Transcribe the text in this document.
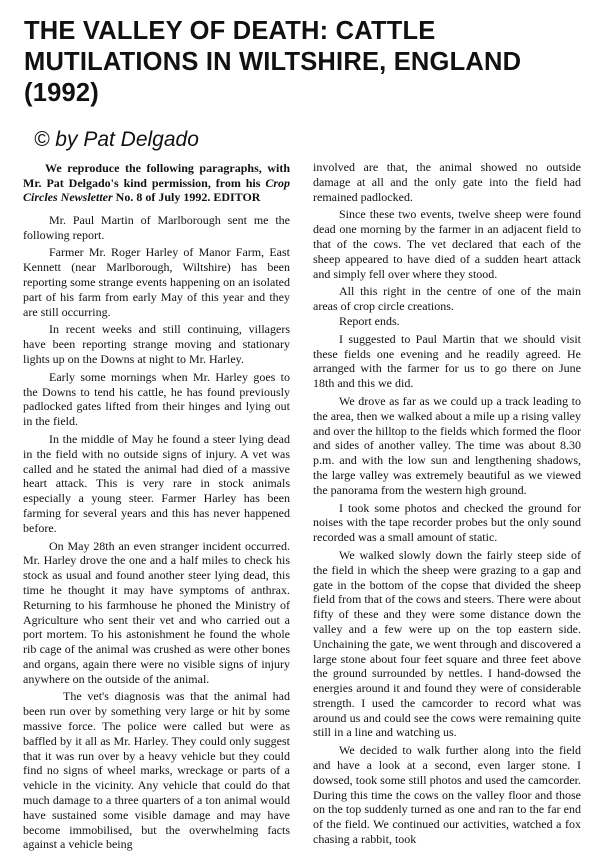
THE VALLEY OF DEATH: CATTLE
MUTILATIONS IN WILTSHIRE, ENGLAND
(1992)
© by Pat Delgado

We reproduce the following paragraphs, with Mr. Pat Delgado's kind permission, from his Crop Circles Newsletter No. 8 of July 1992. EDITOR

Mr. Paul Martin of Marlborough sent me the following report.

Farmer Mr. Roger Harley of Manor Farm, East Kennett (near Marlborough, Wiltshire) has been reporting some strange events happening on an isolated part of his farm from early May of this year and they are still occurring.

In recent weeks and still continuing, villagers have been reporting strange moving and stationary lights up on the Downs at night to Mr. Harley.

Early some mornings when Mr. Harley goes to the Downs to tend his cattle, he has found previously padlocked gates lifted from their hinges and lying out in the field.

In the middle of May he found a steer lying dead in the field with no outside signs of injury. A vet was called and he stated the animal had died of a massive heart attack. This is very rare in stock animals especially a young steer. Farmer Harley has been farming for several years and this has never happened before.

On May 28th an even stranger incident occurred. Mr. Harley drove the one and a half miles to check his stock as usual and found another steer lying dead, this time he thought it may have symptoms of anthrax. Returning to his farmhouse he phoned the Ministry of Agriculture who sent their vet and who carried out a port mortem. To his astonishment he found the whole rib cage of the animal was crushed as were other bones and organs, again there were no visible signs of injury anywhere on the outside of the animal.

The vet's diagnosis was that the animal had been run over by something very large or hit by some massive force. The police were called but were as baffled by it all as Mr. Harley. They could only suggest that it was run over by a heavy vehicle but they could find no signs of wheel marks, wreckage or parts of a vehicle in the vicinity. Any vehicle that could do that much damage to a three quarters of a ton animal would have sustained some visible damage and may have become immobilised, but the overwhelming facts against a vehicle being

involved are that, the animal showed no outside damage at all and the only gate into the field had remained padlocked.

Since these two events, twelve sheep were found dead one morning by the farmer in an adjacent field to that of the cows. The vet declared that each of the sheep appeared to have died of a sudden heart attack and simply fell over where they stood.

All this right in the centre of one of the main areas of crop circle creations.

Report ends.

I suggested to Paul Martin that we should visit these fields one evening and he readily agreed. He arranged with the farmer for us to go there on June 18th and this we did.

We drove as far as we could up a track leading to the area, then we walked about a mile up a rising valley and over the hilltop to the fields which formed the floor and sides of another valley. The time was about 8.30 p.m. and with the low sun and lengthening shadows, the large valley was extremely beautiful as we viewed the panorama from the western high ground.

I took some photos and checked the ground for noises with the tape recorder probes but the only sound recorded was a small amount of static.

We walked slowly down the fairly steep side of the field in which the sheep were grazing to a gap and gate in the bottom of the copse that divided the sheep field from that of the cows and steers. There were about fifty of these and they were some distance down the valley and a few were up on the top eastern side. Unchaining the gate, we went through and discovered a large stone about four feet square and three feet above the ground surrounded by nettles. I hand-dowsed the energies around it and found they were of considerable strength. I used the camcorder to record what was around us and could see the cows were remaining quite still in a line and watching us.

We decided to walk further along into the field and have a look at a second, even larger stone. I dowsed, took some still photos and used the camcorder. During this time the cows on the valley floor and those on the top suddenly turned as one and ran to the far end of the field. We continued our activities, watched a fox chasing a rabbit, took
